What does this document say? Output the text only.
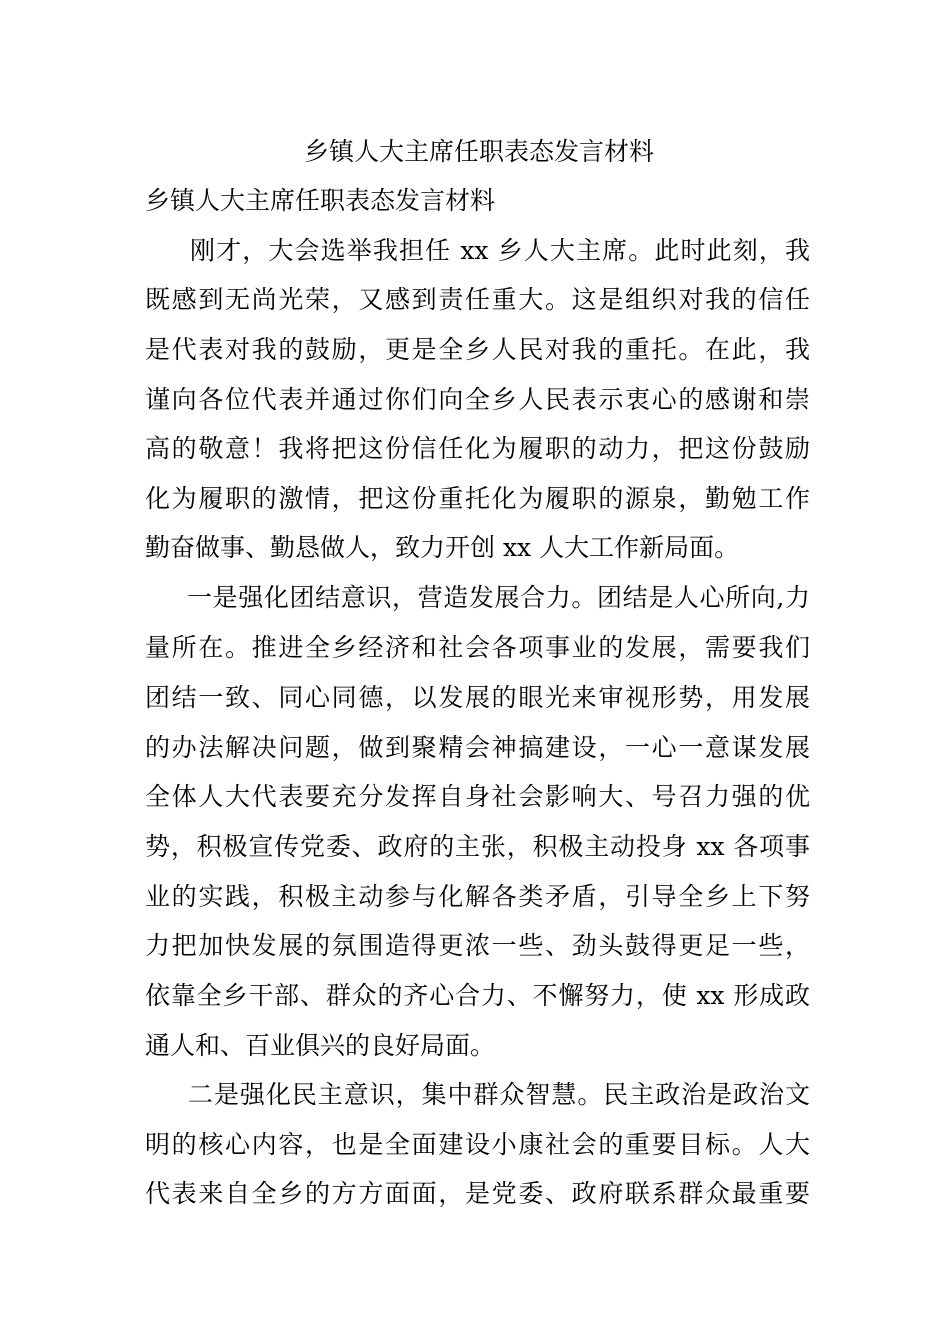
乡镇人大主席任职表态发言材料
乡镇人大主席任职表态发言材料
刚才，大会选举我担任 xx 乡人大主席。此时此刻，我
既感到无尚光荣，又感到责任重大。这是组织对我的信任
是代表对我的鼓励，更是全乡人民对我的重托。在此，我
谨向各位代表并通过你们向全乡人民表示衷心的感谢和崇
高的敬意！我将把这份信任化为履职的动力，把这份鼓励
化为履职的激情，把这份重托化为履职的源泉，勤勉工作
勤奋做事、勤恳做人，致力开创 xx 人大工作新局面。
一是强化团结意识，营造发展合力。团结是人心所向,力
量所在。推进全乡经济和社会各项事业的发展，需要我们
团结一致、同心同德，以发展的眼光来审视形势，用发展
的办法解决问题，做到聚精会神搞建设，一心一意谋发展
全体人大代表要充分发挥自身社会影响大、号召力强的优
势，积极宣传党委、政府的主张，积极主动投身 xx 各项事
业的实践，积极主动参与化解各类矛盾，引导全乡上下努
力把加快发展的氛围造得更浓一些、劲头鼓得更足一些，
依靠全乡干部、群众的齐心合力、不懈努力，使 xx 形成政
通人和、百业俱兴的良好局面。
二是强化民主意识，集中群众智慧。民主政治是政治文
明的核心内容，也是全面建设小康社会的重要目标。人大
代表来自全乡的方方面面，是党委、政府联系群众最重要
